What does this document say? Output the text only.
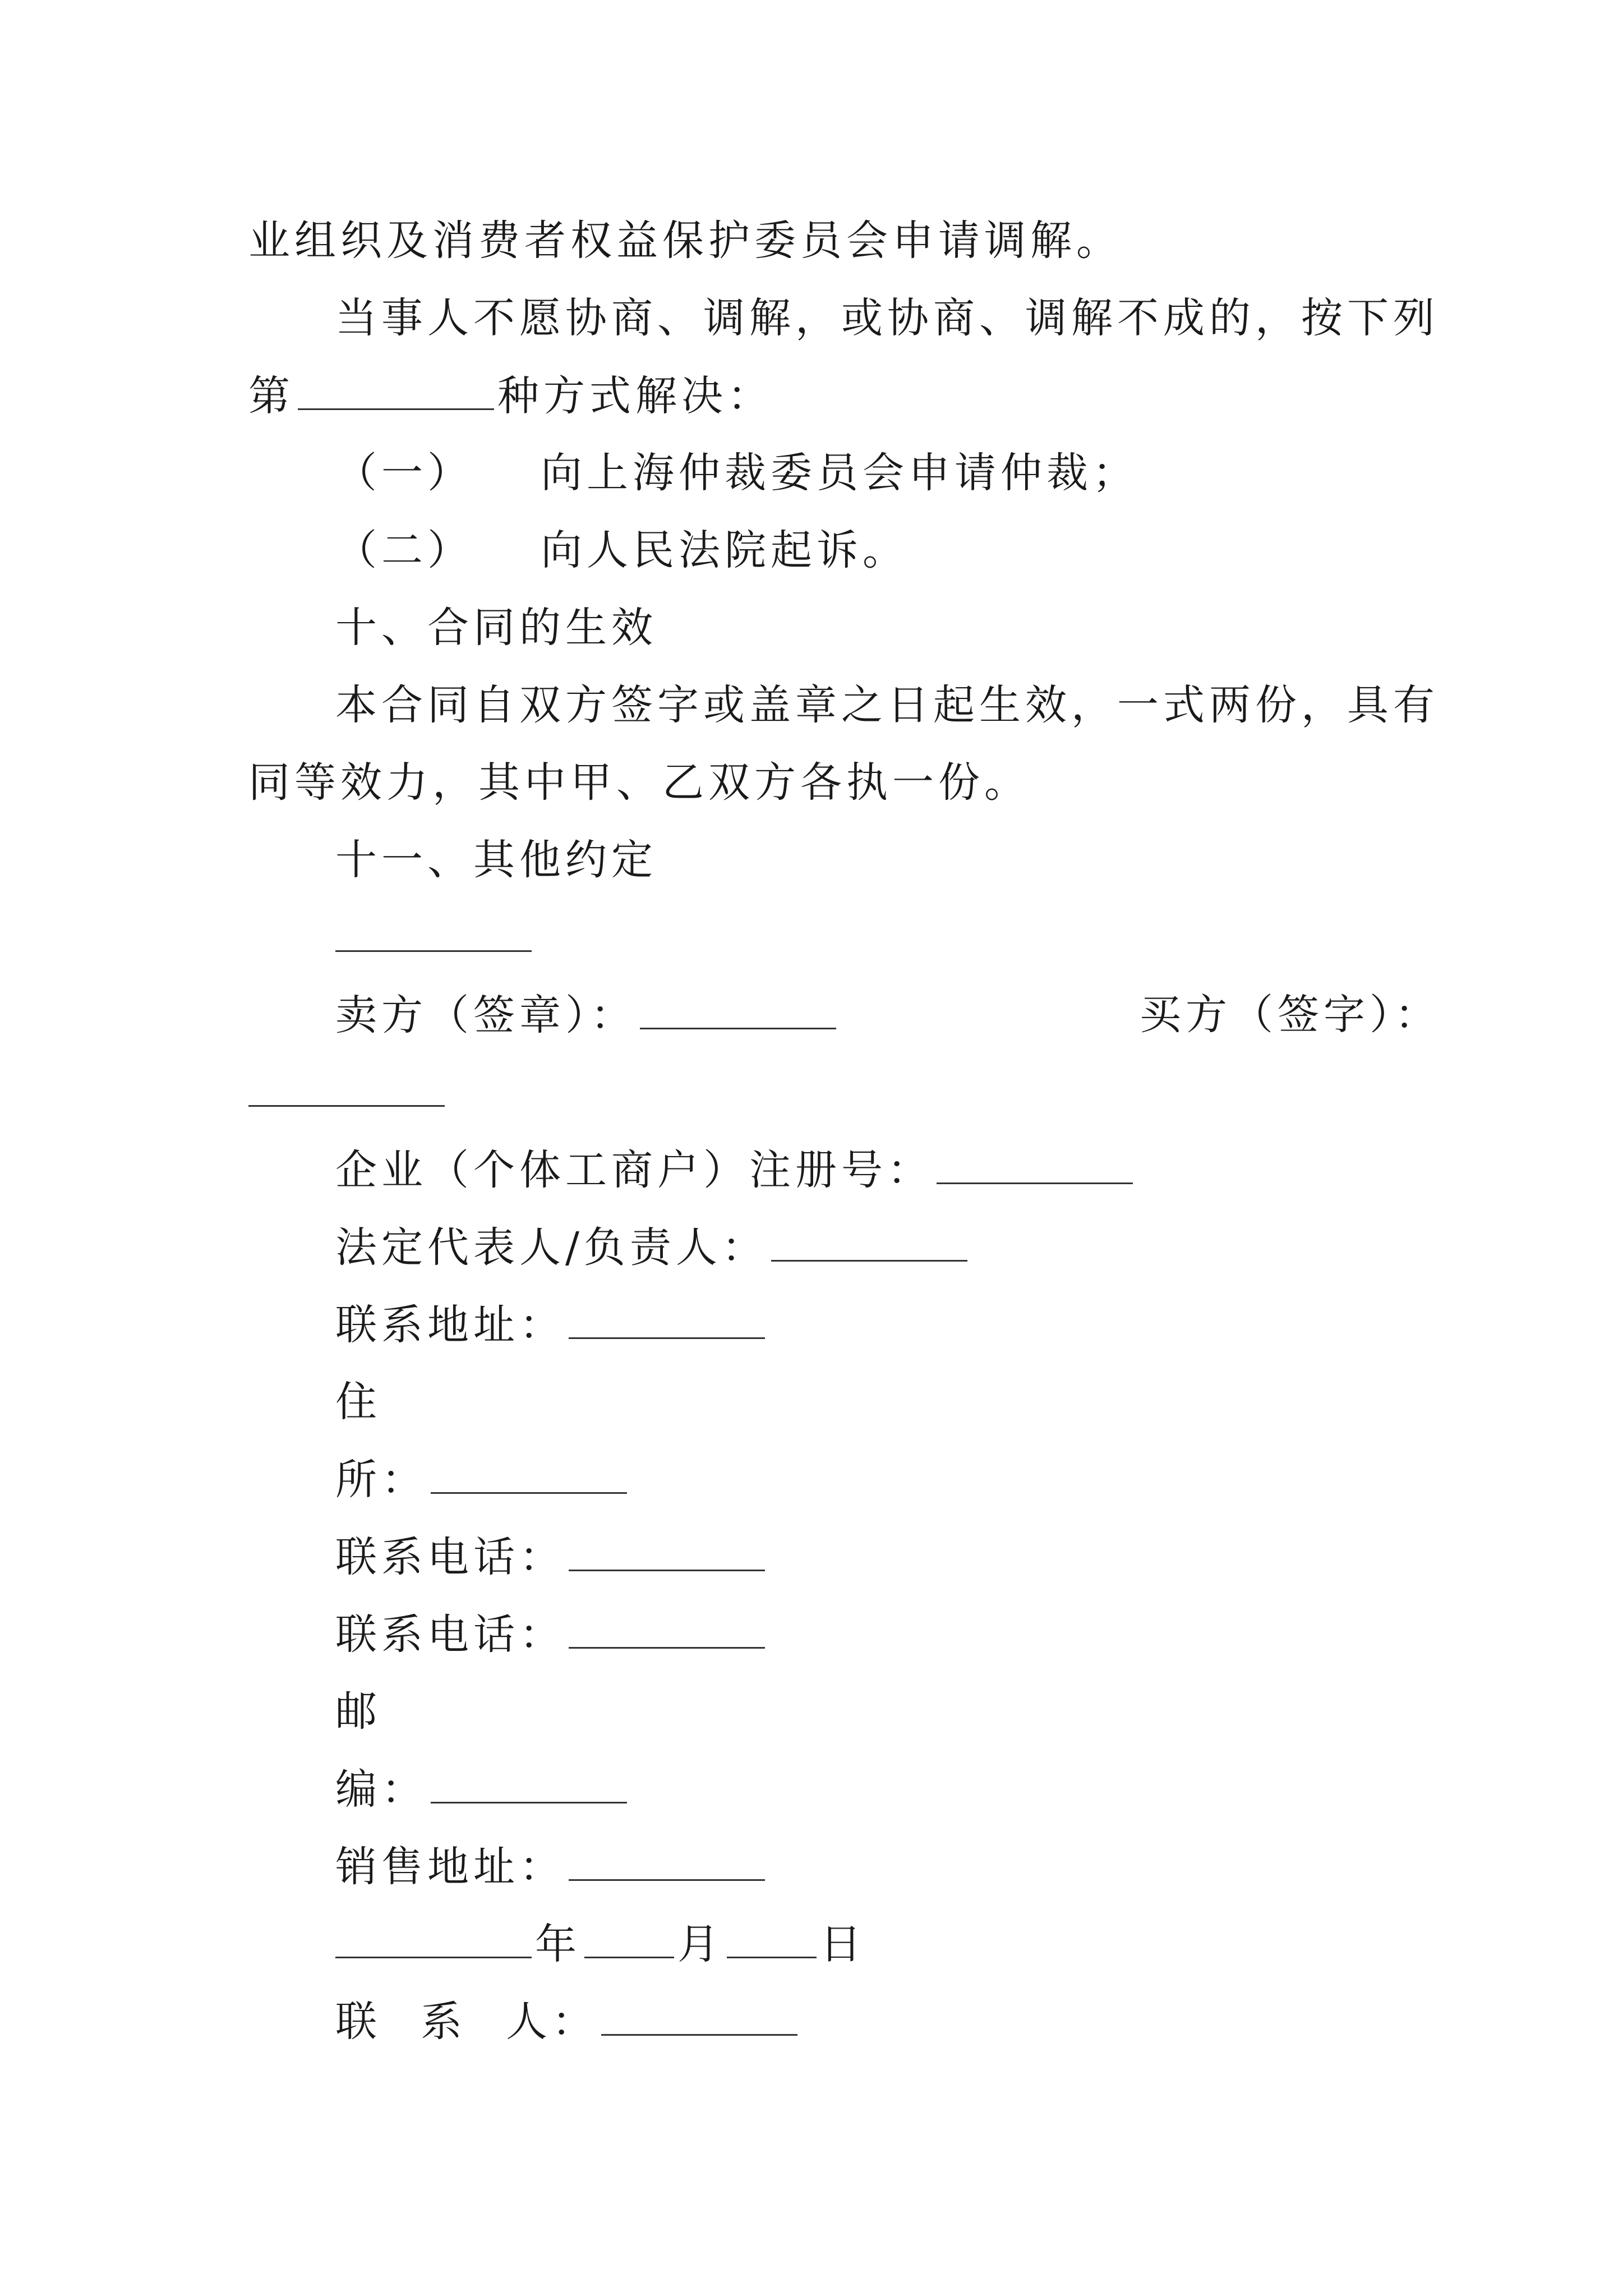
业组织及消费者权益保护委员会申请调解。
当事人不愿协商、调解，或协商、调解不成的，按下列
第	种方式解决：
（一） 向上海仲裁委员会申请仲裁；
（二） 向人民法院起诉。
十、合同的生效
本合同自双方签字或盖章之日起生效，一式两份，具有
同等效力，其中甲、乙双方各执一份。
十一、其他约定
卖方（签章）：	买方（签字）：
企业（个体工商户）注册号：
法定代表人/负责人：
联系地址：
住
所：
联系电话：
联系电话：
邮
编：
销售地址：
年 月 日
联 系 人：
